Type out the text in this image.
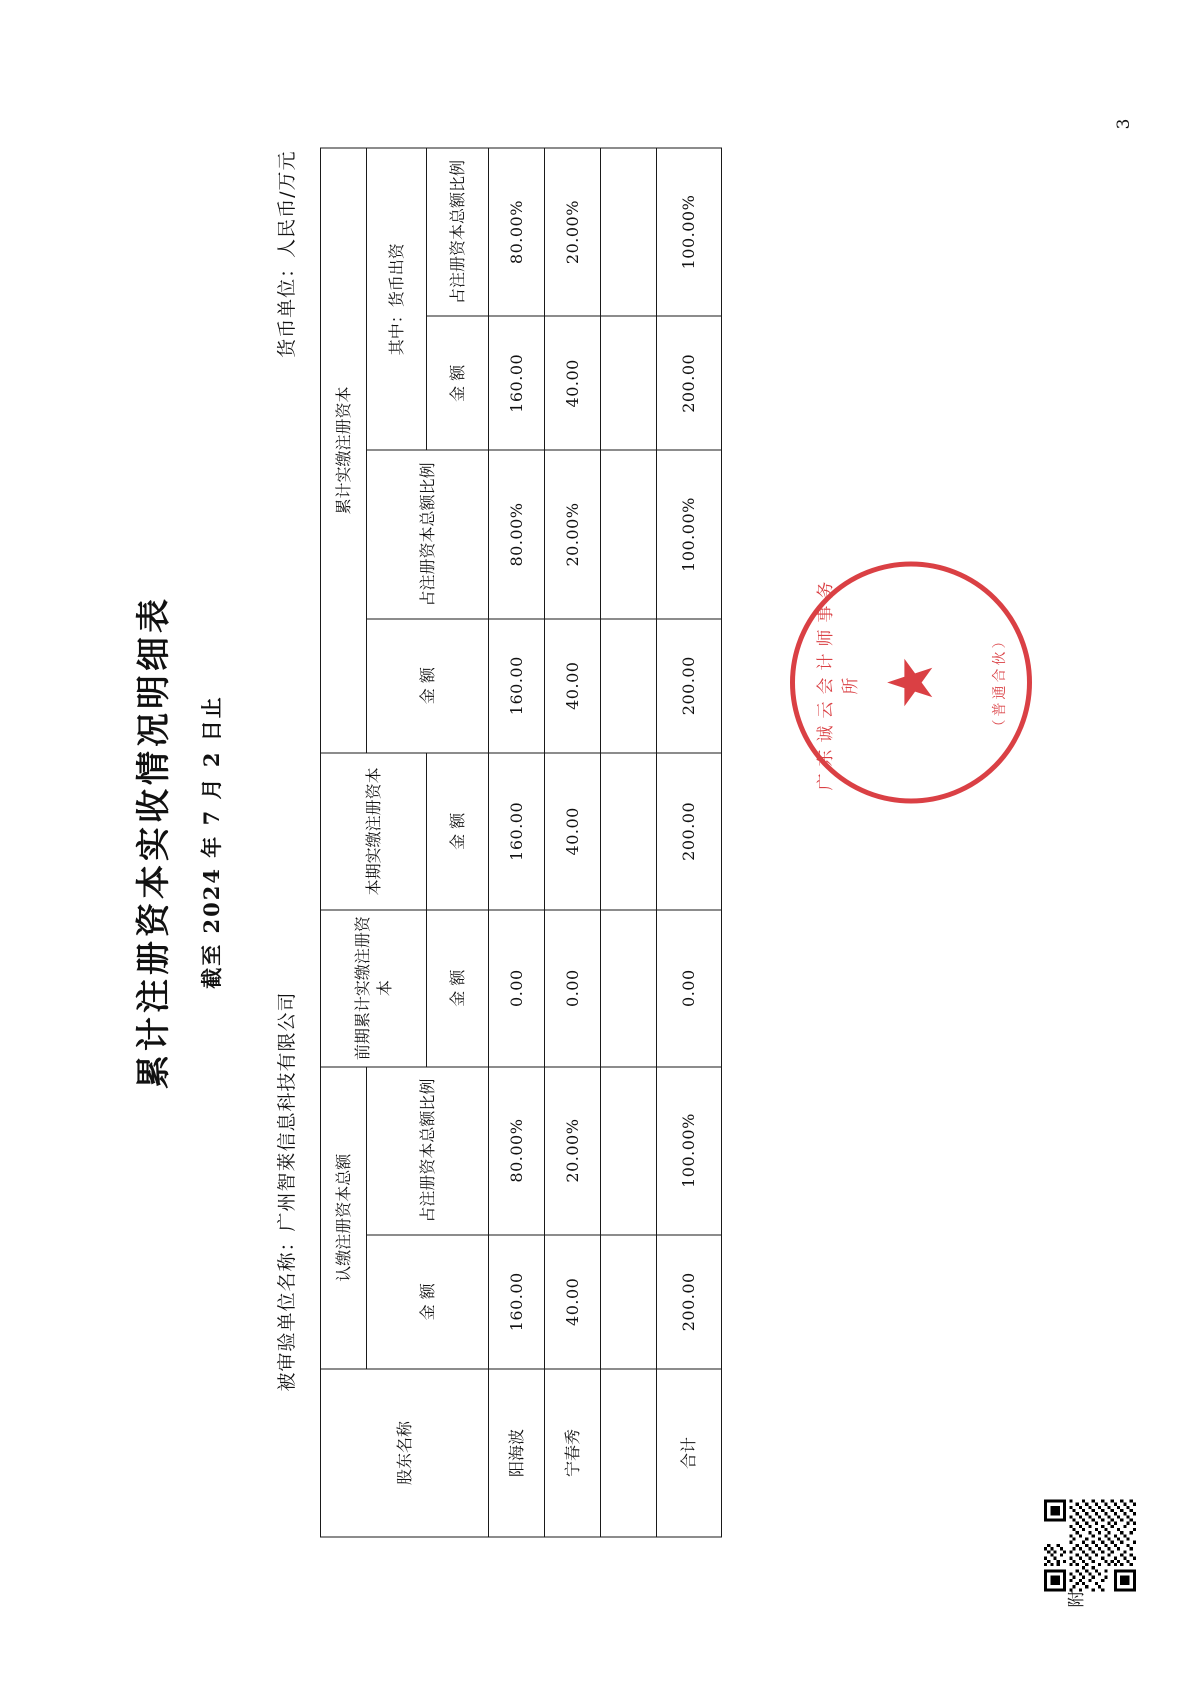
累计注册资本实收情况明细表 截至 2024 年 7 月 2 日止
被审验单位名称：广州智萊信息科技有限公司
货币单位：人民币/万元
股东名称	认缴注册资本总额		前期累计实缴注册资本	本期实缴注册资本	累计实缴注册资本			
	金 额	占注册资本总额比例			金 额	占注册资本总额比例	其中：货币出资	
			金 额	金 额			金 额	占注册资本总额比例
阳海波	160.00	80.00%	0.00	160.00	160.00	80.00%	160.00	80.00%
宁春秀	40.00	20.00%	0.00	40.00	40.00	20.00%	40.00	20.00%

合计	200.00	100.00%	0.00	200.00	200.00	100.00%	200.00	100.00%
广东诚云会计师事务所 ★	（普通合伙）
3
